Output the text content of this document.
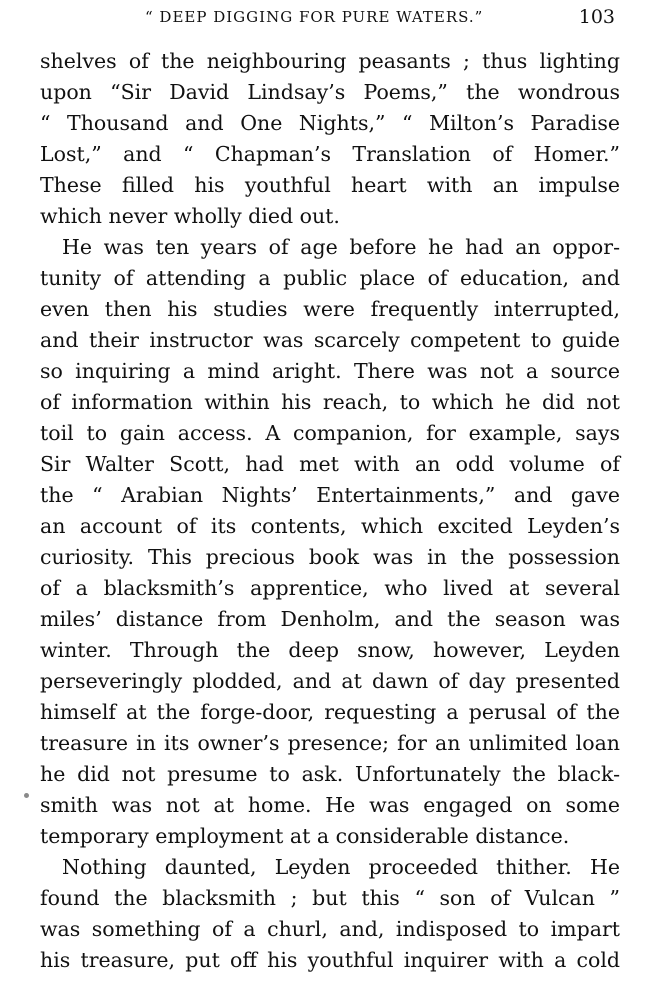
“ DEEP DIGGING FOR PURE WATERS.”	103
shelves of the neighbouring peasants ; thus lighting
upon “Sir David Lindsay’s Poems,” the wondrous
“ Thousand and One Nights,” “ Milton’s Paradise
Lost,” and “ Chapman’s Translation of Homer.”
These filled his youthful heart with an impulse
which never wholly died out.
He was ten years of age before he had an oppor-
tunity of attending a public place of education, and
even then his studies were frequently interrupted,
and their instructor was scarcely competent to guide
so inquiring a mind aright. There was not a source
of information within his reach, to which he did not
toil to gain access. A companion, for example, says
Sir Walter Scott, had met with an odd volume of
the “ Arabian Nights’ Entertainments,” and gave
an account of its contents, which excited Leyden’s
curiosity. This precious book was in the possession
of a blacksmith’s apprentice, who lived at several
miles’ distance from Denholm, and the season was
winter. Through the deep snow, however, Leyden
perseveringly plodded, and at dawn of day presented
himself at the forge-door, requesting a perusal of the
treasure in its owner’s presence; for an unlimited loan
he did not presume to ask. Unfortunately the black-
smith was not at home. He was engaged on some
temporary employment at a considerable distance.
Nothing daunted, Leyden proceeded thither. He
found the blacksmith ; but this “ son of Vulcan ”
was something of a churl, and, indisposed to impart
his treasure, put off his youthful inquirer with a cold
